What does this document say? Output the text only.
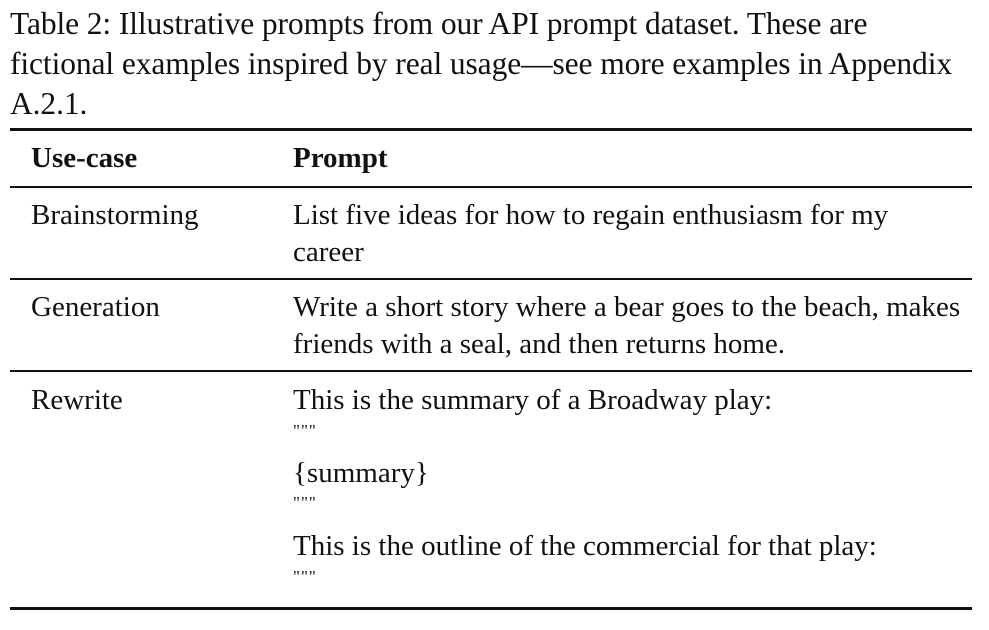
Table 2: Illustrative prompts from our API prompt dataset. These are fictional examples inspired by real usage—see more examples in Appendix A.2.1.
Use-case	Prompt
Brainstorming	List five ideas for how to regain enthusiasm for my career
Generation	Write a short story where a bear goes to the beach, makes friends with a seal, and then returns home.
Rewrite	This is the summary of a Broadway play:
"""
{summary}
"""
This is the outline of the commercial for that play:
"""
